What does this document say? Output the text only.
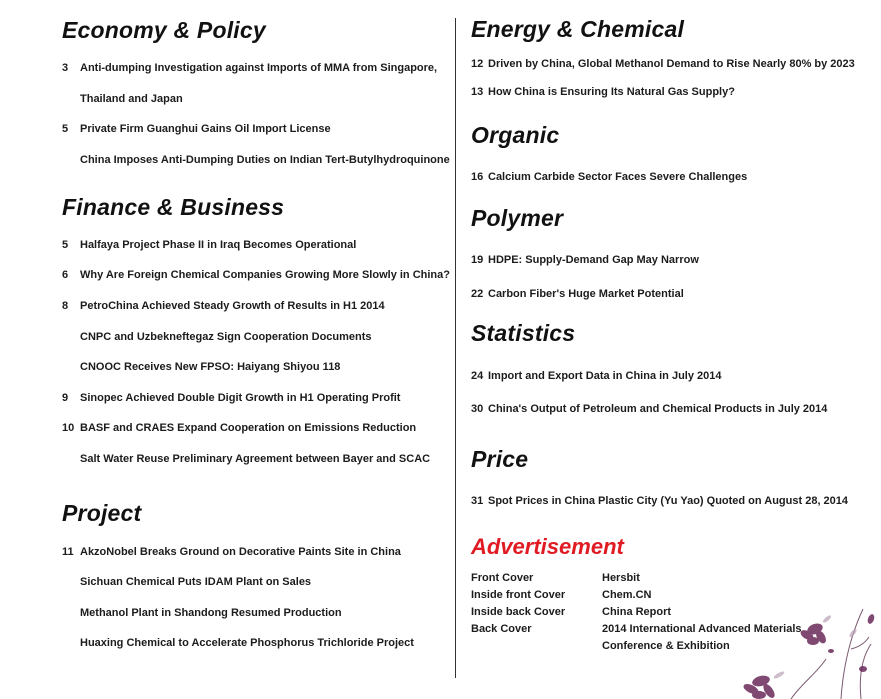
Economy & Policy
3 Anti-dumping Investigation against Imports of MMA from Singapore,
Thailand and Japan
5 Private Firm Guanghui Gains Oil Import License
China Imposes Anti-Dumping Duties on Indian Tert-Butylhydroquinone
Finance & Business
5 Halfaya Project Phase II in Iraq Becomes Operational
6 Why Are Foreign Chemical Companies Growing More Slowly in China?
8 PetroChina Achieved Steady Growth of Results in H1 2014
CNPC and Uzbekneftegaz Sign Cooperation Documents
CNOOC Receives New FPSO: Haiyang Shiyou 118
9 Sinopec Achieved Double Digit Growth in H1 Operating Profit
10 BASF and CRAES Expand Cooperation on Emissions Reduction
Salt Water Reuse Preliminary Agreement between Bayer and SCAC
Project
11 AkzoNobel Breaks Ground on Decorative Paints Site in China
Sichuan Chemical Puts IDAM Plant on Sales
Methanol Plant in Shandong Resumed Production
Huaxing Chemical to Accelerate Phosphorus Trichloride Project
Energy & Chemical
12 Driven by China, Global Methanol Demand to Rise Nearly 80% by 2023
13 How China is Ensuring Its Natural Gas Supply?
Organic
16 Calcium Carbide Sector Faces Severe Challenges
Polymer
19 HDPE: Supply-Demand Gap May Narrow
22 Carbon Fiber's Huge Market Potential
Statistics
24 Import and Export Data in China in July 2014
30 China's Output of Petroleum and Chemical Products in July 2014
Price
31 Spot Prices in China Plastic City (Yu Yao) Quoted on August 28, 2014
Advertisement
Front Cover	Hersbit
Inside front Cover	Chem.CN
Inside back Cover	China Report
Back Cover	2014 International Advanced Materials
Conference & Exhibition
